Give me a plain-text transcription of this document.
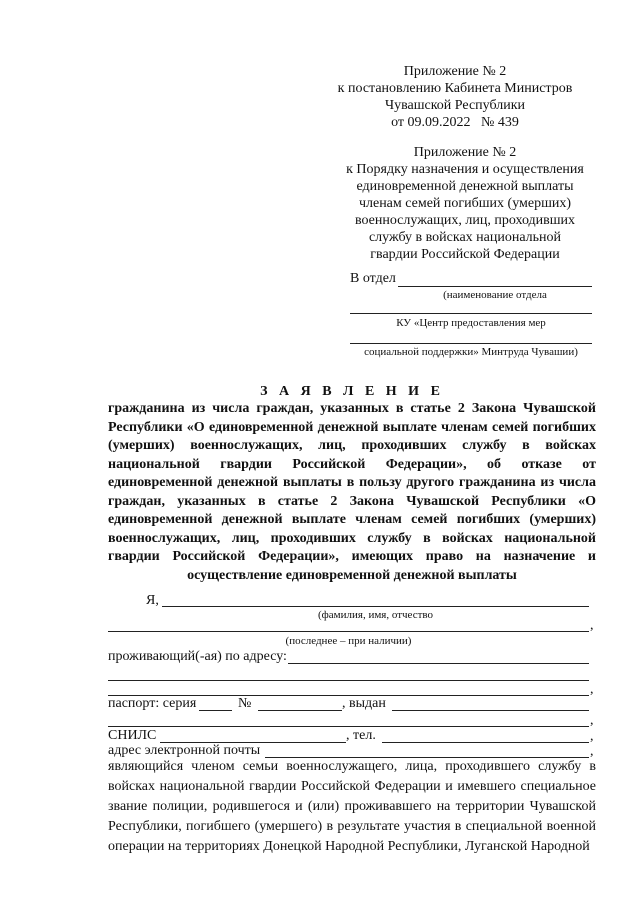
Приложение № 2
к постановлению Кабинета Министров
Чувашской Республики
от 09.09.2022   № 439
Приложение № 2
к Порядку назначения и осуществления
единовременной денежной выплаты
членам семей погибших (умерших)
военнослужащих, лиц, проходивших
службу в войсках национальной
гвардии Российской Федерации
В отдел
(наименование отдела
КУ «Центр предоставления мер
социальной поддержки» Минтруда Чувашии)
З А Я В Л Е Н И Е
гражданина из числа граждан, указанных в статье 2 Закона Чувашской Республики «О единовременной денежной выплате членам семей погибших (умерших) военнослужащих, лиц, проходивших службу в войсках национальной гвардии Российской Федерации», об отказе от единовременной денежной выплаты в пользу другого гражданина из числа граждан, указанных в статье 2 Закона Чувашской Республики «О единовременной денежной выплате членам семей погибших (умерших) военнослужащих, лиц, проходивших службу в войсках национальной гвардии Российской Федерации», имеющих право на назначение и осуществление единовременной денежной выплаты
Я,
(фамилия, имя, отчество
,
(последнее – при наличии)
проживающий(-ая) по адресу:
,
паспорт: серия	№	, выдан
,
СНИЛС	, тел.	,
адрес электронной почты	,
являющийся членом семьи военнослужащего, лица, проходившего службу в войсках национальной гвардии Российской Федерации и имевшего специальное звание полиции, родившегося и (или) проживавшего на территории Чувашской Республики, погибшего (умершего) в результате участия в специальной военной операции на территориях Донецкой Народной Республики, Луганской Народной
